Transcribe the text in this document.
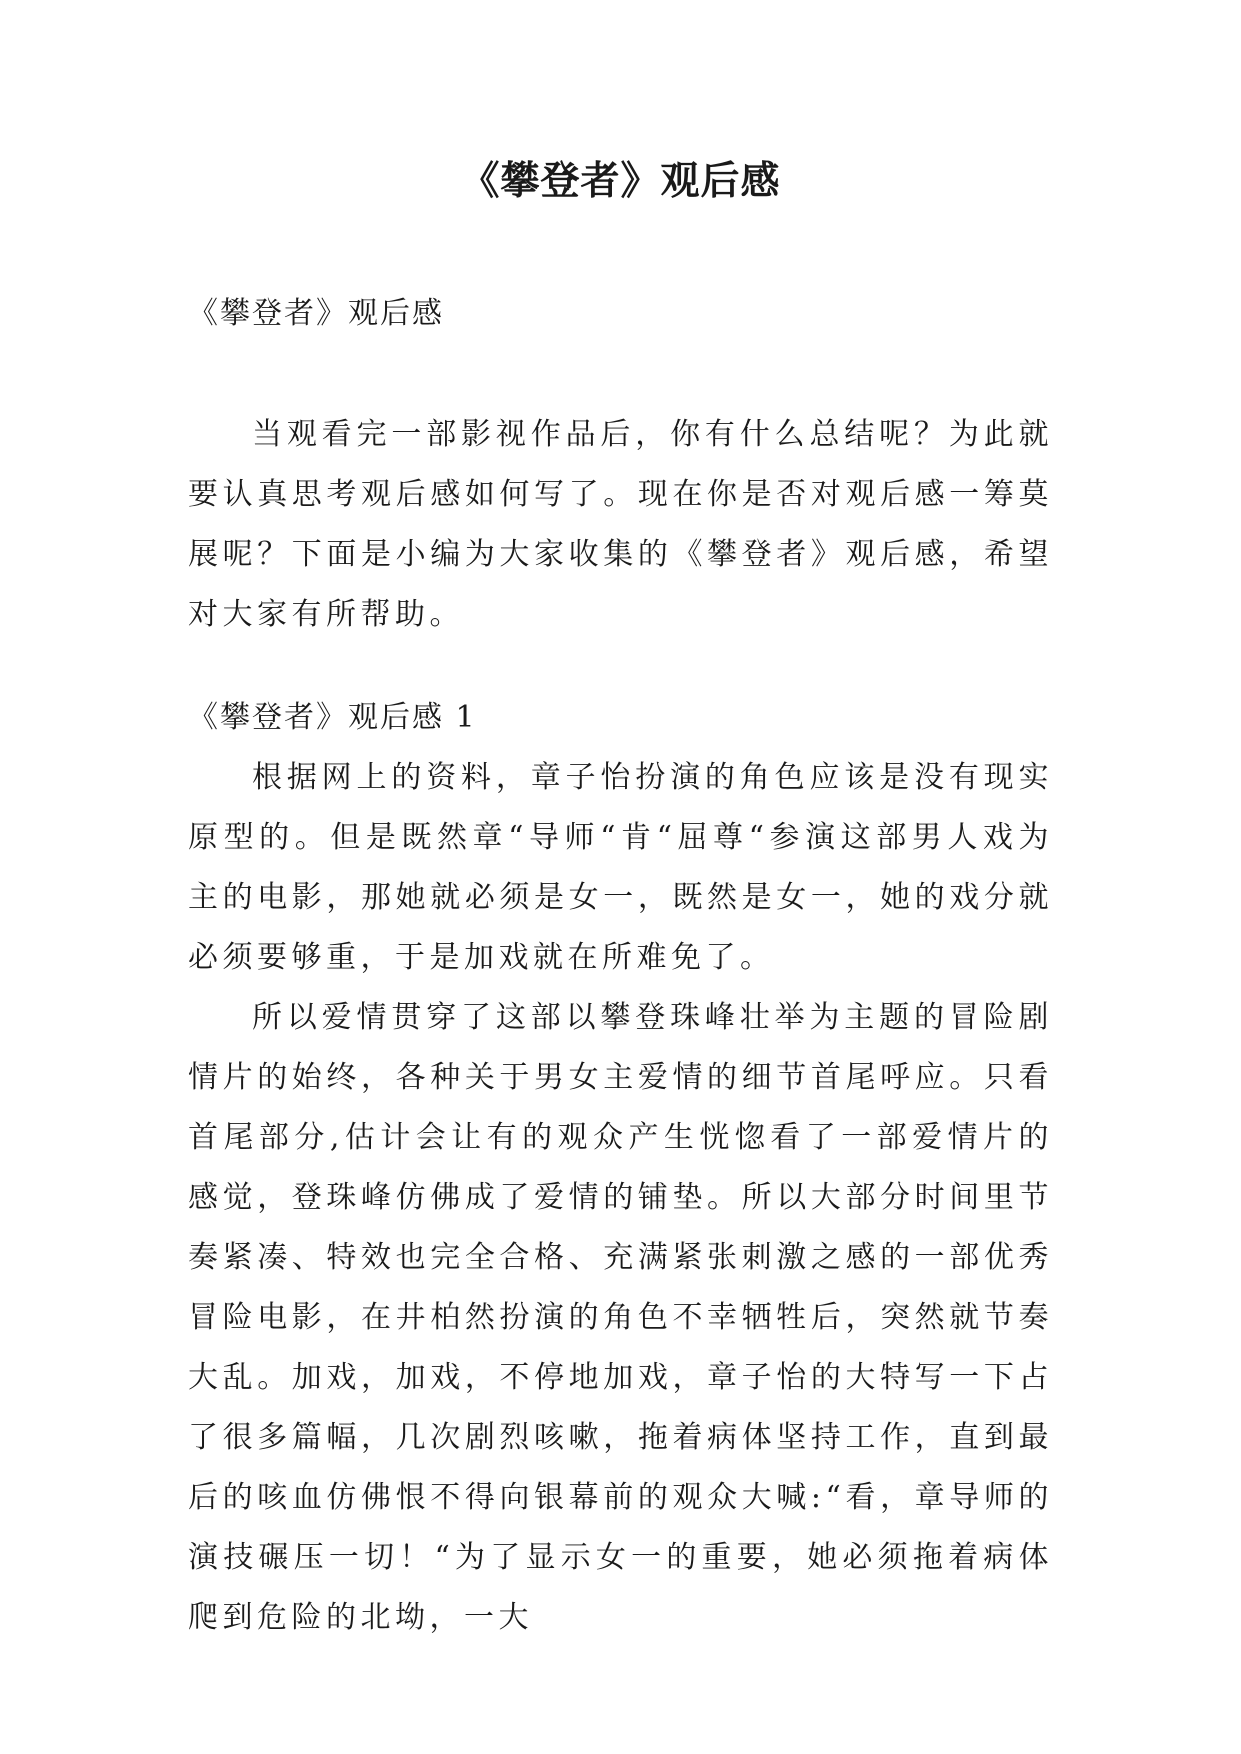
《攀登者》观后感
《攀登者》观后感

当观看完一部影视作品后，你有什么总结呢？为此就要认真思考观后感如何写了。现在你是否对观后感一筹莫展呢？下面是小编为大家收集的《攀登者》观后感，希望对大家有所帮助。

《攀登者》观后感 1

根据网上的资料，章子怡扮演的角色应该是没有现实原型的。但是既然章“导师“肯“屈尊“参演这部男人戏为主的电影，那她就必须是女一，既然是女一，她的戏分就必须要够重，于是加戏就在所难免了。

所以爱情贯穿了这部以攀登珠峰壮举为主题的冒险剧情片的始终，各种关于男女主爱情的细节首尾呼应。只看首尾部分,估计会让有的观众产生恍惚看了一部爱情片的感觉，登珠峰仿佛成了爱情的铺垫。所以大部分时间里节奏紧凑、特效也完全合格、充满紧张刺激之感的一部优秀冒险电影，在井柏然扮演的角色不幸牺牲后，突然就节奏大乱。加戏，加戏，不停地加戏，章子怡的大特写一下占了很多篇幅，几次剧烈咳嗽，拖着病体坚持工作，直到最后的咳血仿佛恨不得向银幕前的观众大喊:“看，章导师的演技碾压一切！“为了显示女一的重要，她必须拖着病体爬到危险的北坳，一大
